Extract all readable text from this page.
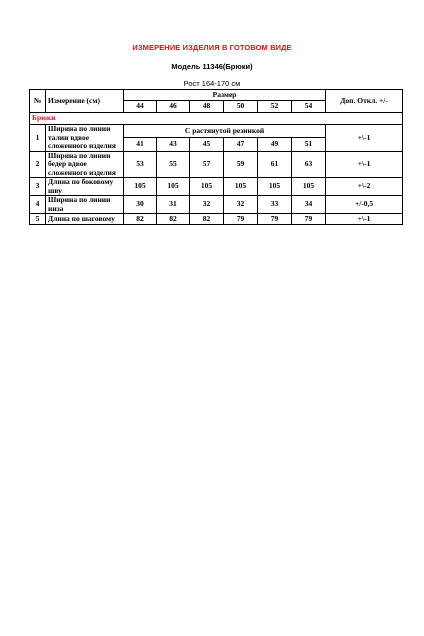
ИЗМЕРЕНИЕ ИЗДЕЛИЯ В ГОТОВОМ ВИДЕ
Модель 11346(Брюки)
Рост 164-170 см
№	Измерение (см)	Размер						Доп. Откл. +/-
		44	46	48	50	52	54	
Брюки								
1	Ширина по линии талии вдвое сложенного изделия	С растянутой резинкой						+\-1
		41	43	45	47	49	51	
2	Ширина по линии бедер вдвое сложенного изделия	53	55	57	59	61	63	+\-1
3	Длина по боковому шву	105	105	105	105	105	105	+\-2
4	Ширина по линии низа	30	31	32	32	33	34	+/-0,5
5	Длина по шаговому	82	82	82	79	79	79	+\-1
